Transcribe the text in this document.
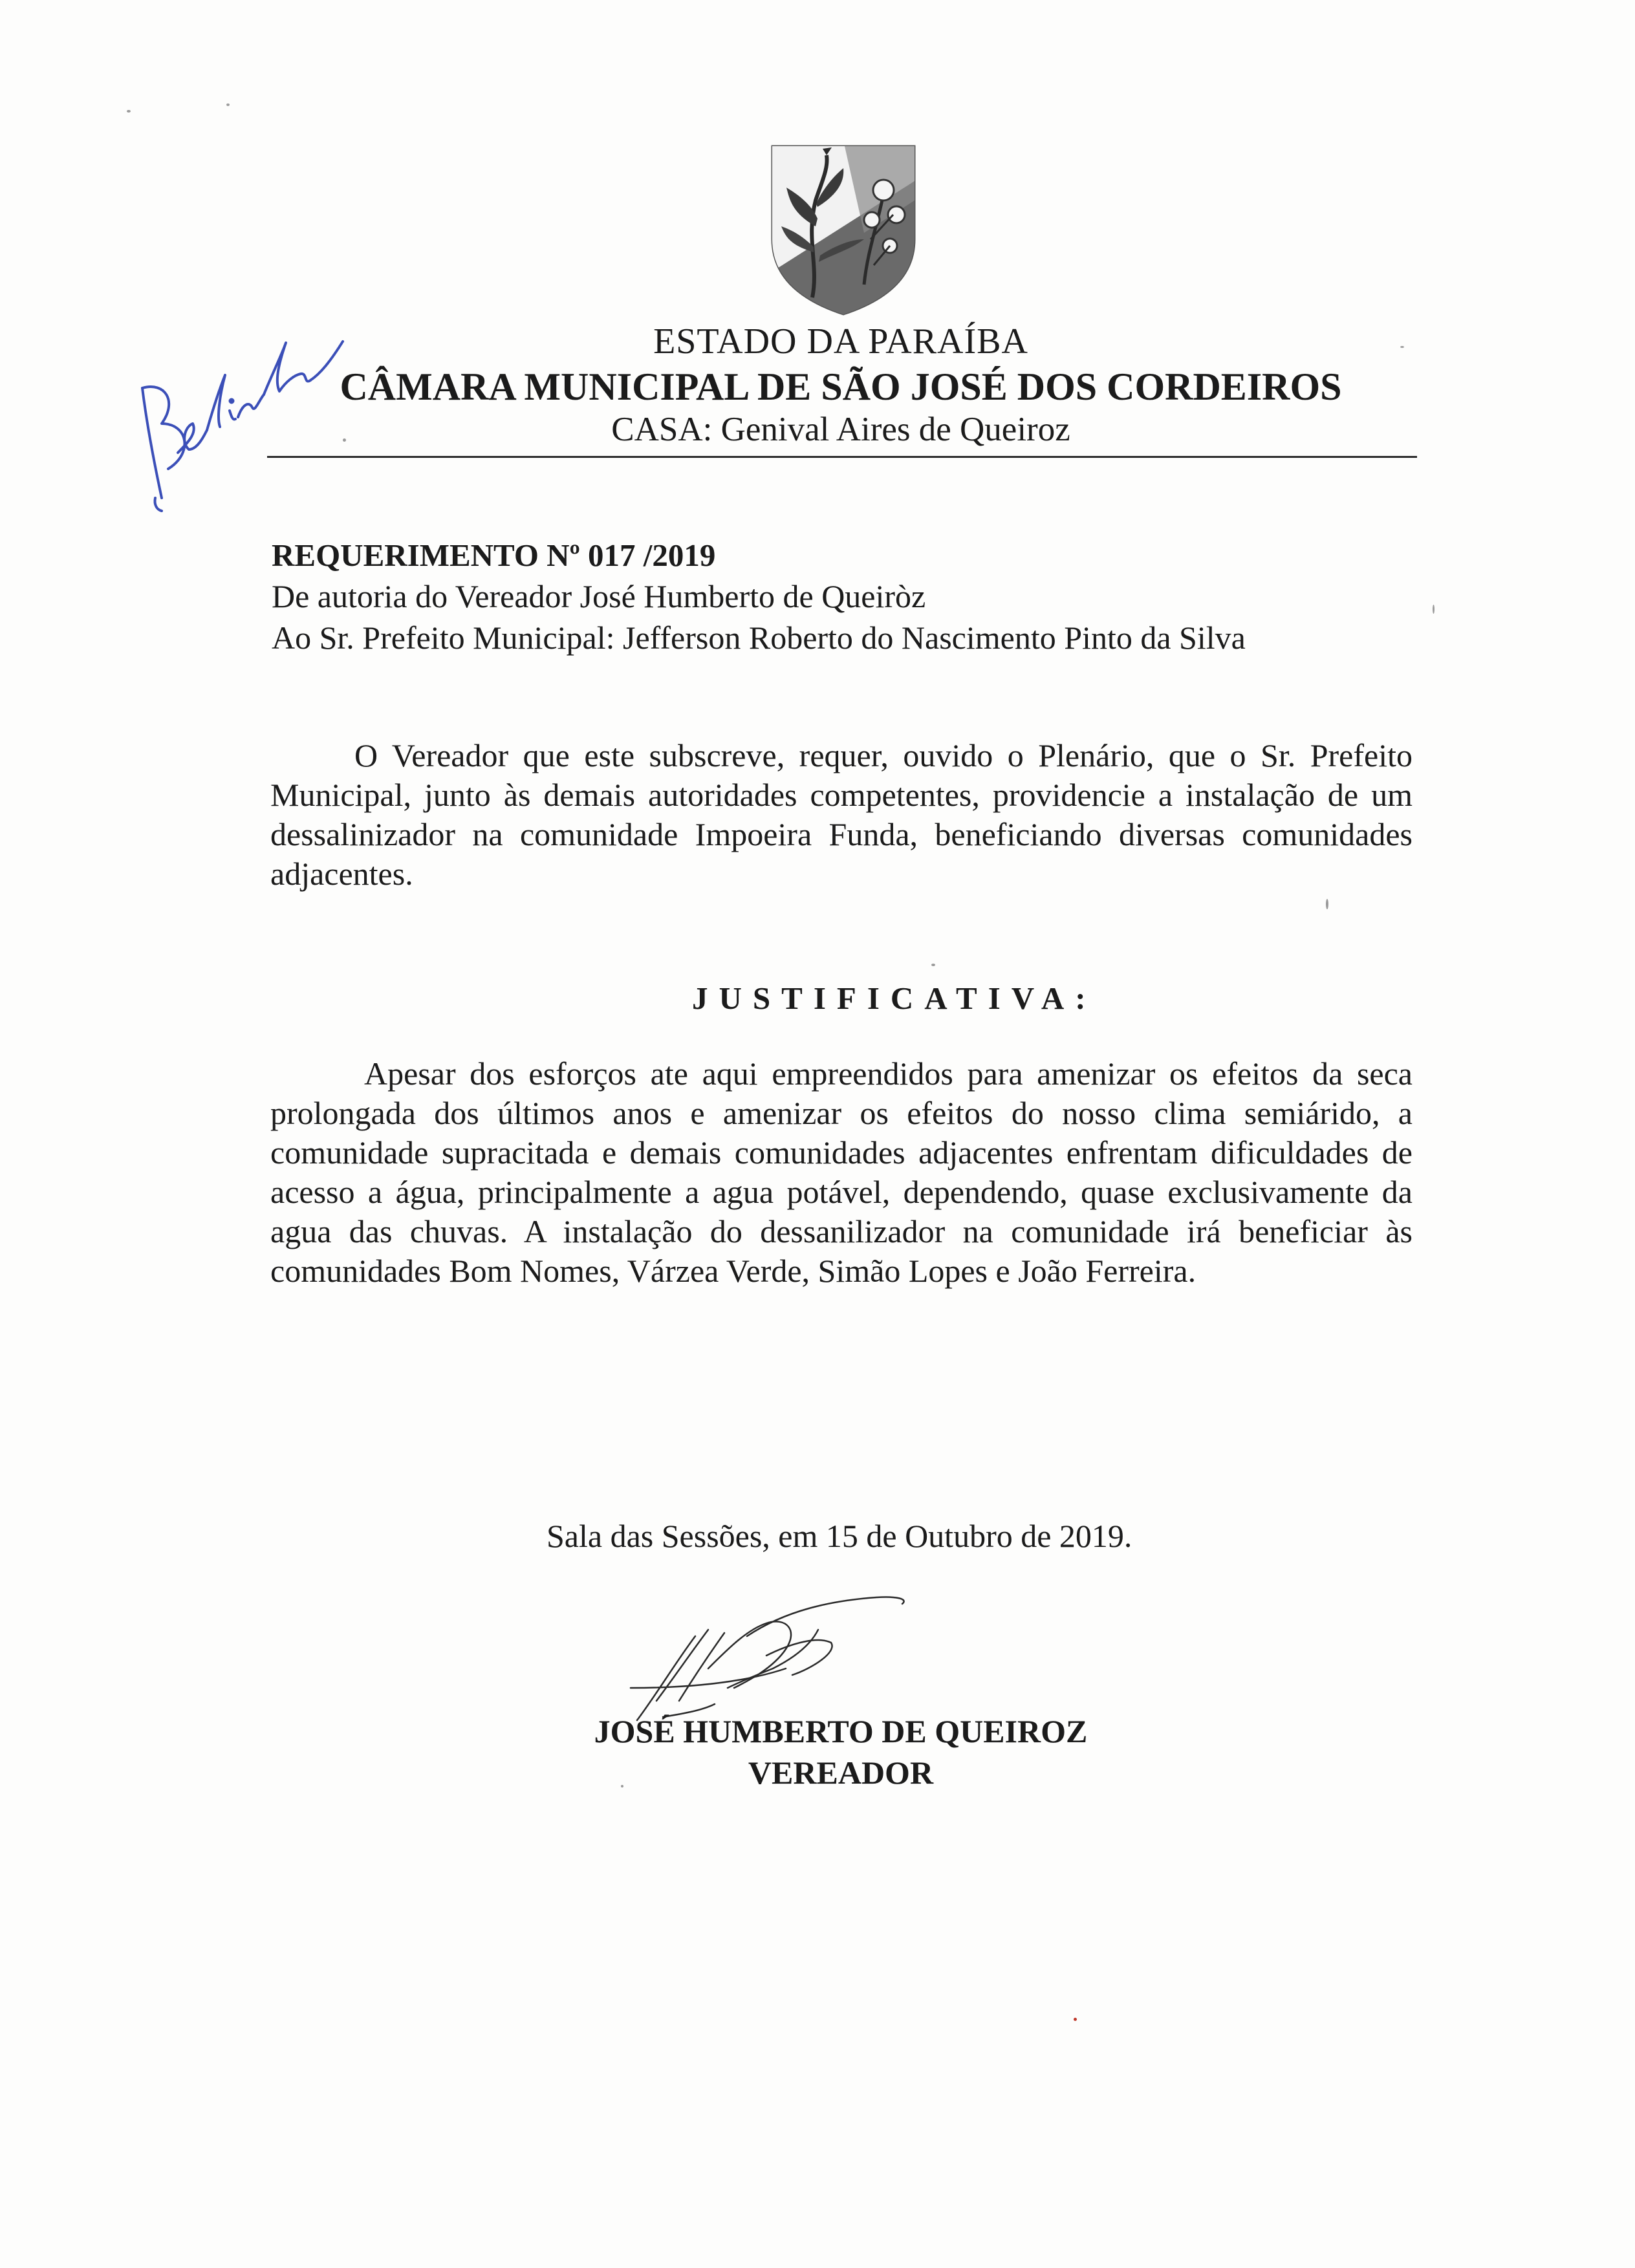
ESTADO DA PARAÍBA
CÂMARA MUNICIPAL DE SÃO JOSÉ DOS CORDEIROS
CASA: Genival Aires de Queiroz
REQUERIMENTO Nº 017 /2019
De autoria do Vereador José Humberto de Queiròz
Ao Sr. Prefeito Municipal: Jefferson Roberto do Nascimento Pinto da Silva

O Vereador que este subscreve, requer, ouvido o Plenário, que o Sr. Prefeito Municipal, junto às demais autoridades competentes, providencie a instalação de um dessalinizador na comunidade Impoeira Funda, beneficiando diversas comunidades adjacentes.

JUSTIFICATIVA:

Apesar dos esforços ate aqui empreendidos para amenizar os efeitos da seca prolongada dos últimos anos e amenizar os efeitos do nosso clima semiárido, a comunidade supracitada e demais comunidades adjacentes enfrentam dificuldades de acesso a água, principalmente a agua potável, dependendo, quase exclusivamente da agua das chuvas. A instalação do dessanilizador na comunidade irá beneficiar às comunidades Bom Nomes, Várzea Verde, Simão Lopes e João Ferreira.

Sala das Sessões, em 15 de Outubro de 2019.
JOSÉ HUMBERTO DE QUEIROZ
VEREADOR
